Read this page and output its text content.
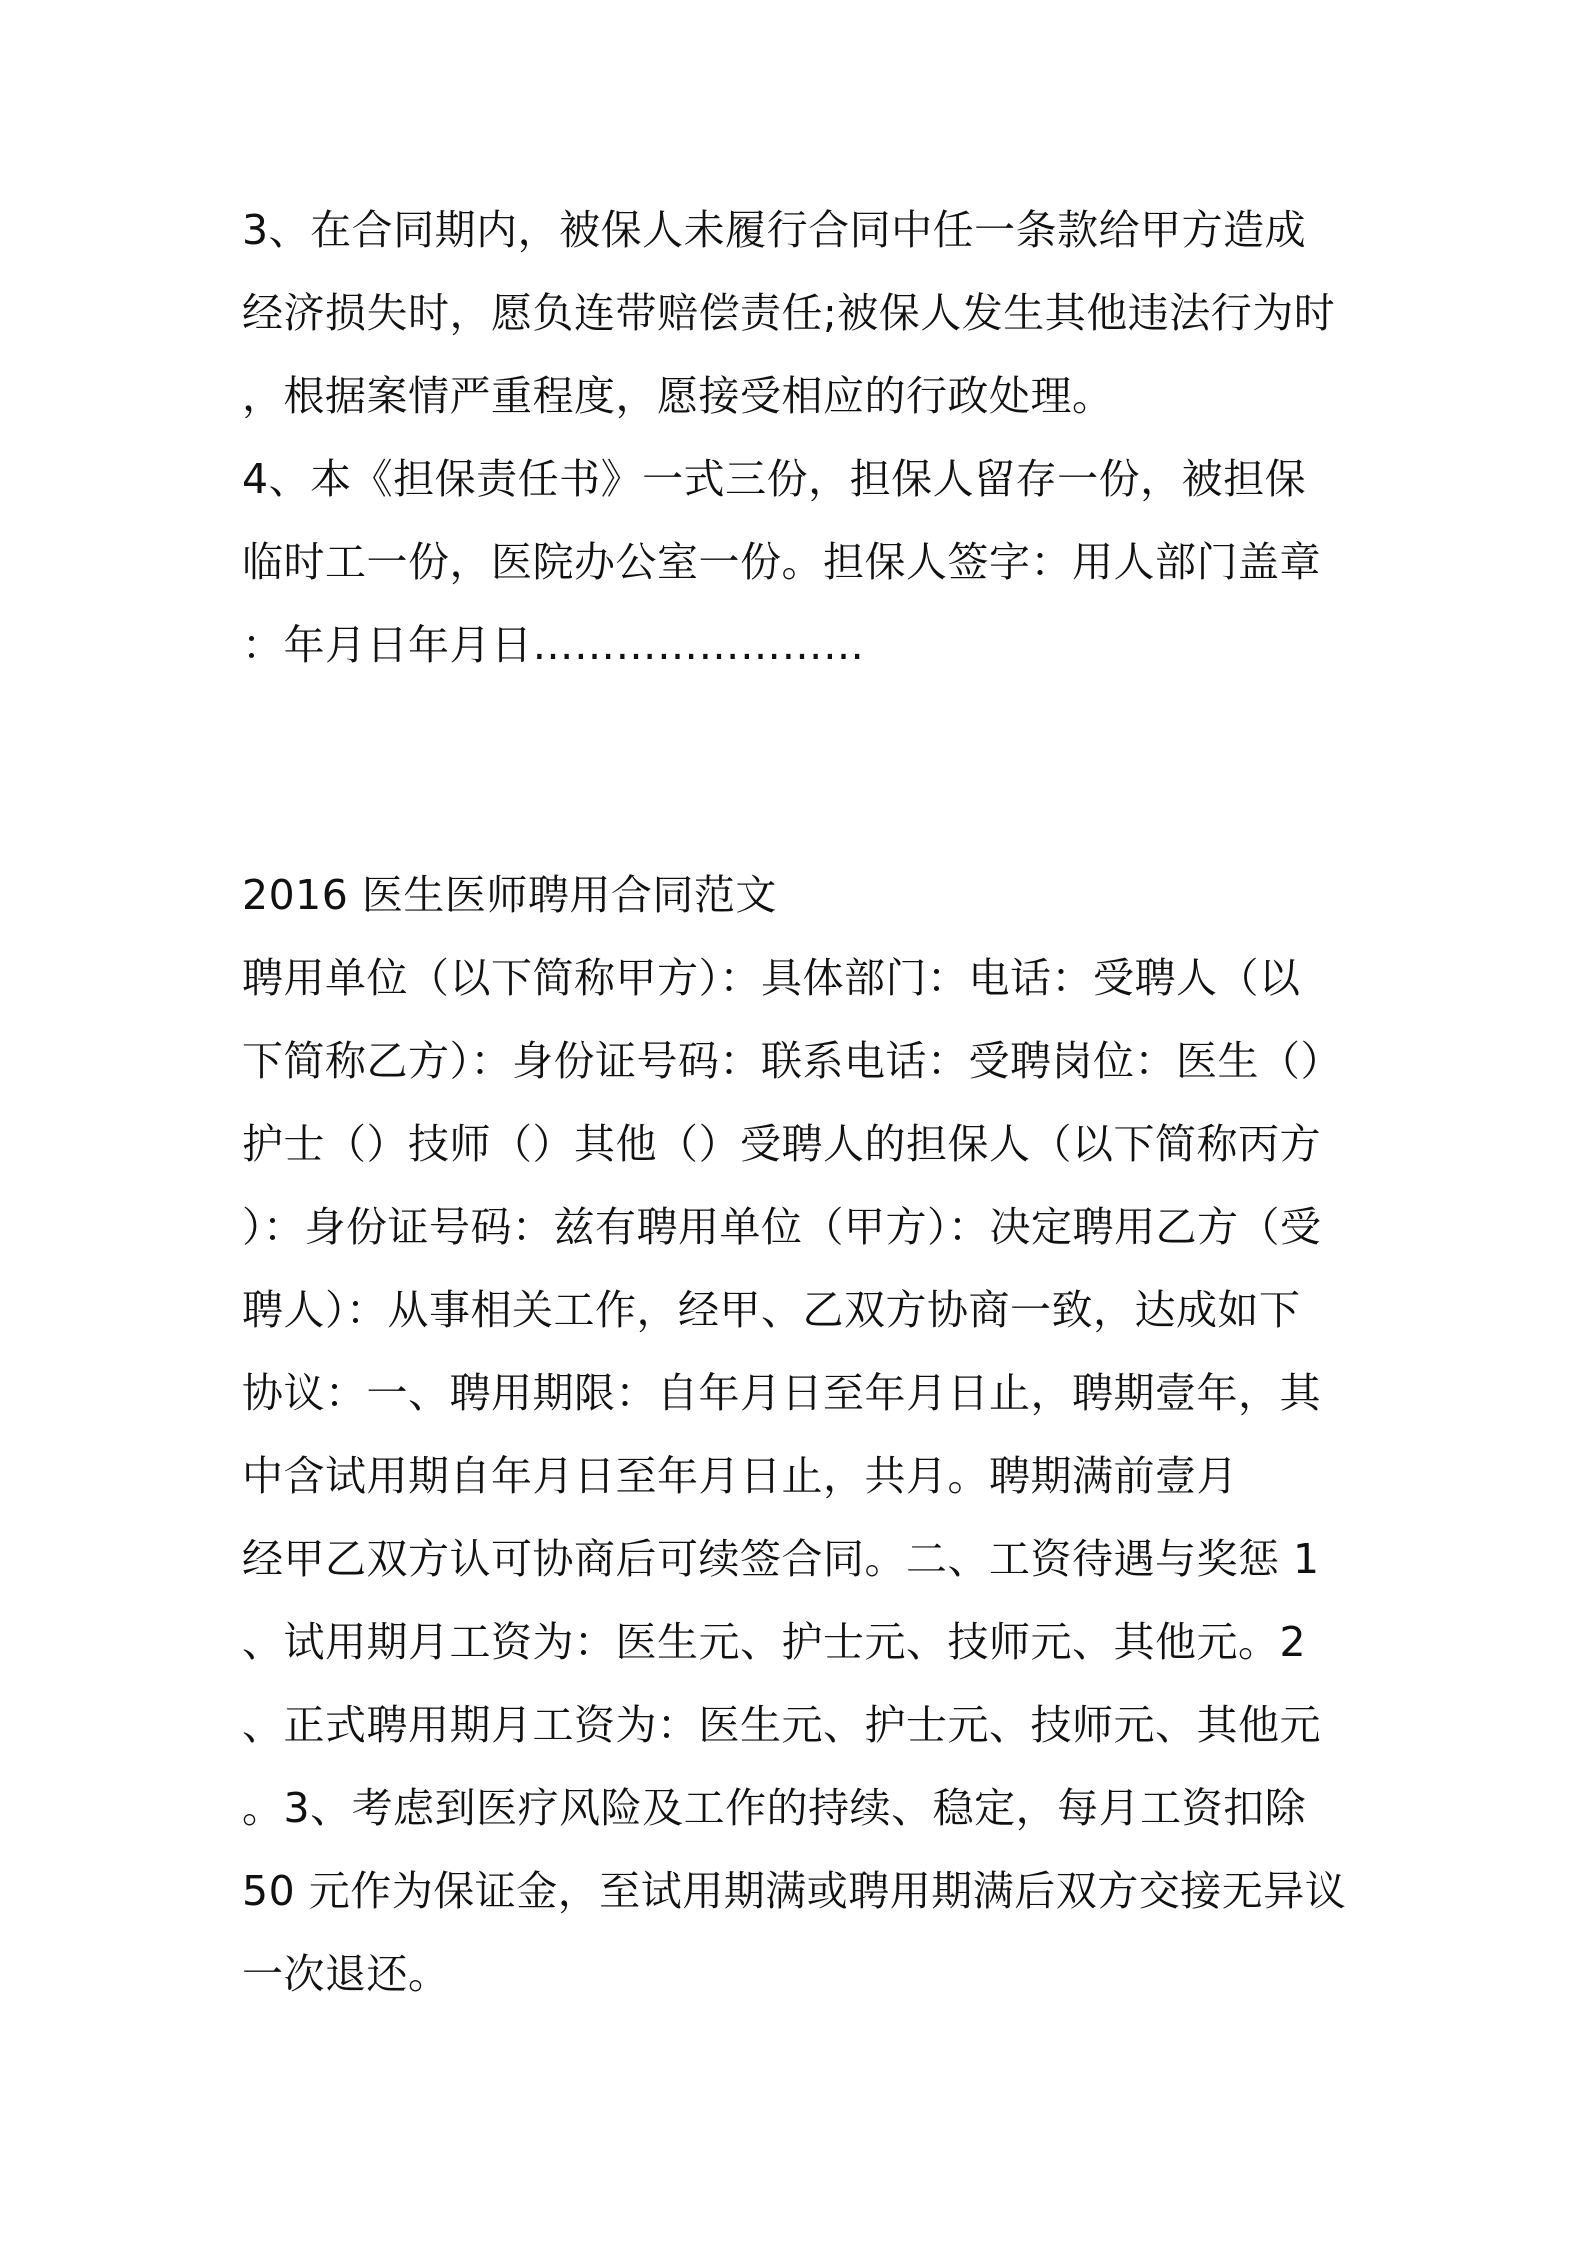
3、在合同期内，被保人未履行合同中任一条款给甲方造成
经济损失时，愿负连带赔偿责任;被保人发生其他违法行为时
，根据案情严重程度，愿接受相应的行政处理。
4、本《担保责任书》一式三份，担保人留存一份，被担保
临时工一份，医院办公室一份。担保人签字：用人部门盖章
：年月日年月日……………………
2016 医生医师聘用合同范文
聘用单位（以下简称甲方）：具体部门：电话：受聘人（以
下简称乙方）：身份证号码：联系电话：受聘岗位：医生（）
护士（）技师（）其他（）受聘人的担保人（以下简称丙方
）：身份证号码：兹有聘用单位（甲方）：决定聘用乙方（受
聘人）：从事相关工作，经甲、乙双方协商一致，达成如下
协议：一、聘用期限：自年月日至年月日止，聘期壹年，其
中含试用期自年月日至年月日止，共月。聘期满前壹月
经甲乙双方认可协商后可续签合同。二、工资待遇与奖惩 1
、试用期月工资为：医生元、护士元、技师元、其他元。2
、正式聘用期月工资为：医生元、护士元、技师元、其他元
。3、考虑到医疗风险及工作的持续、稳定，每月工资扣除
50 元作为保证金，至试用期满或聘用期满后双方交接无异议
一次退还。
